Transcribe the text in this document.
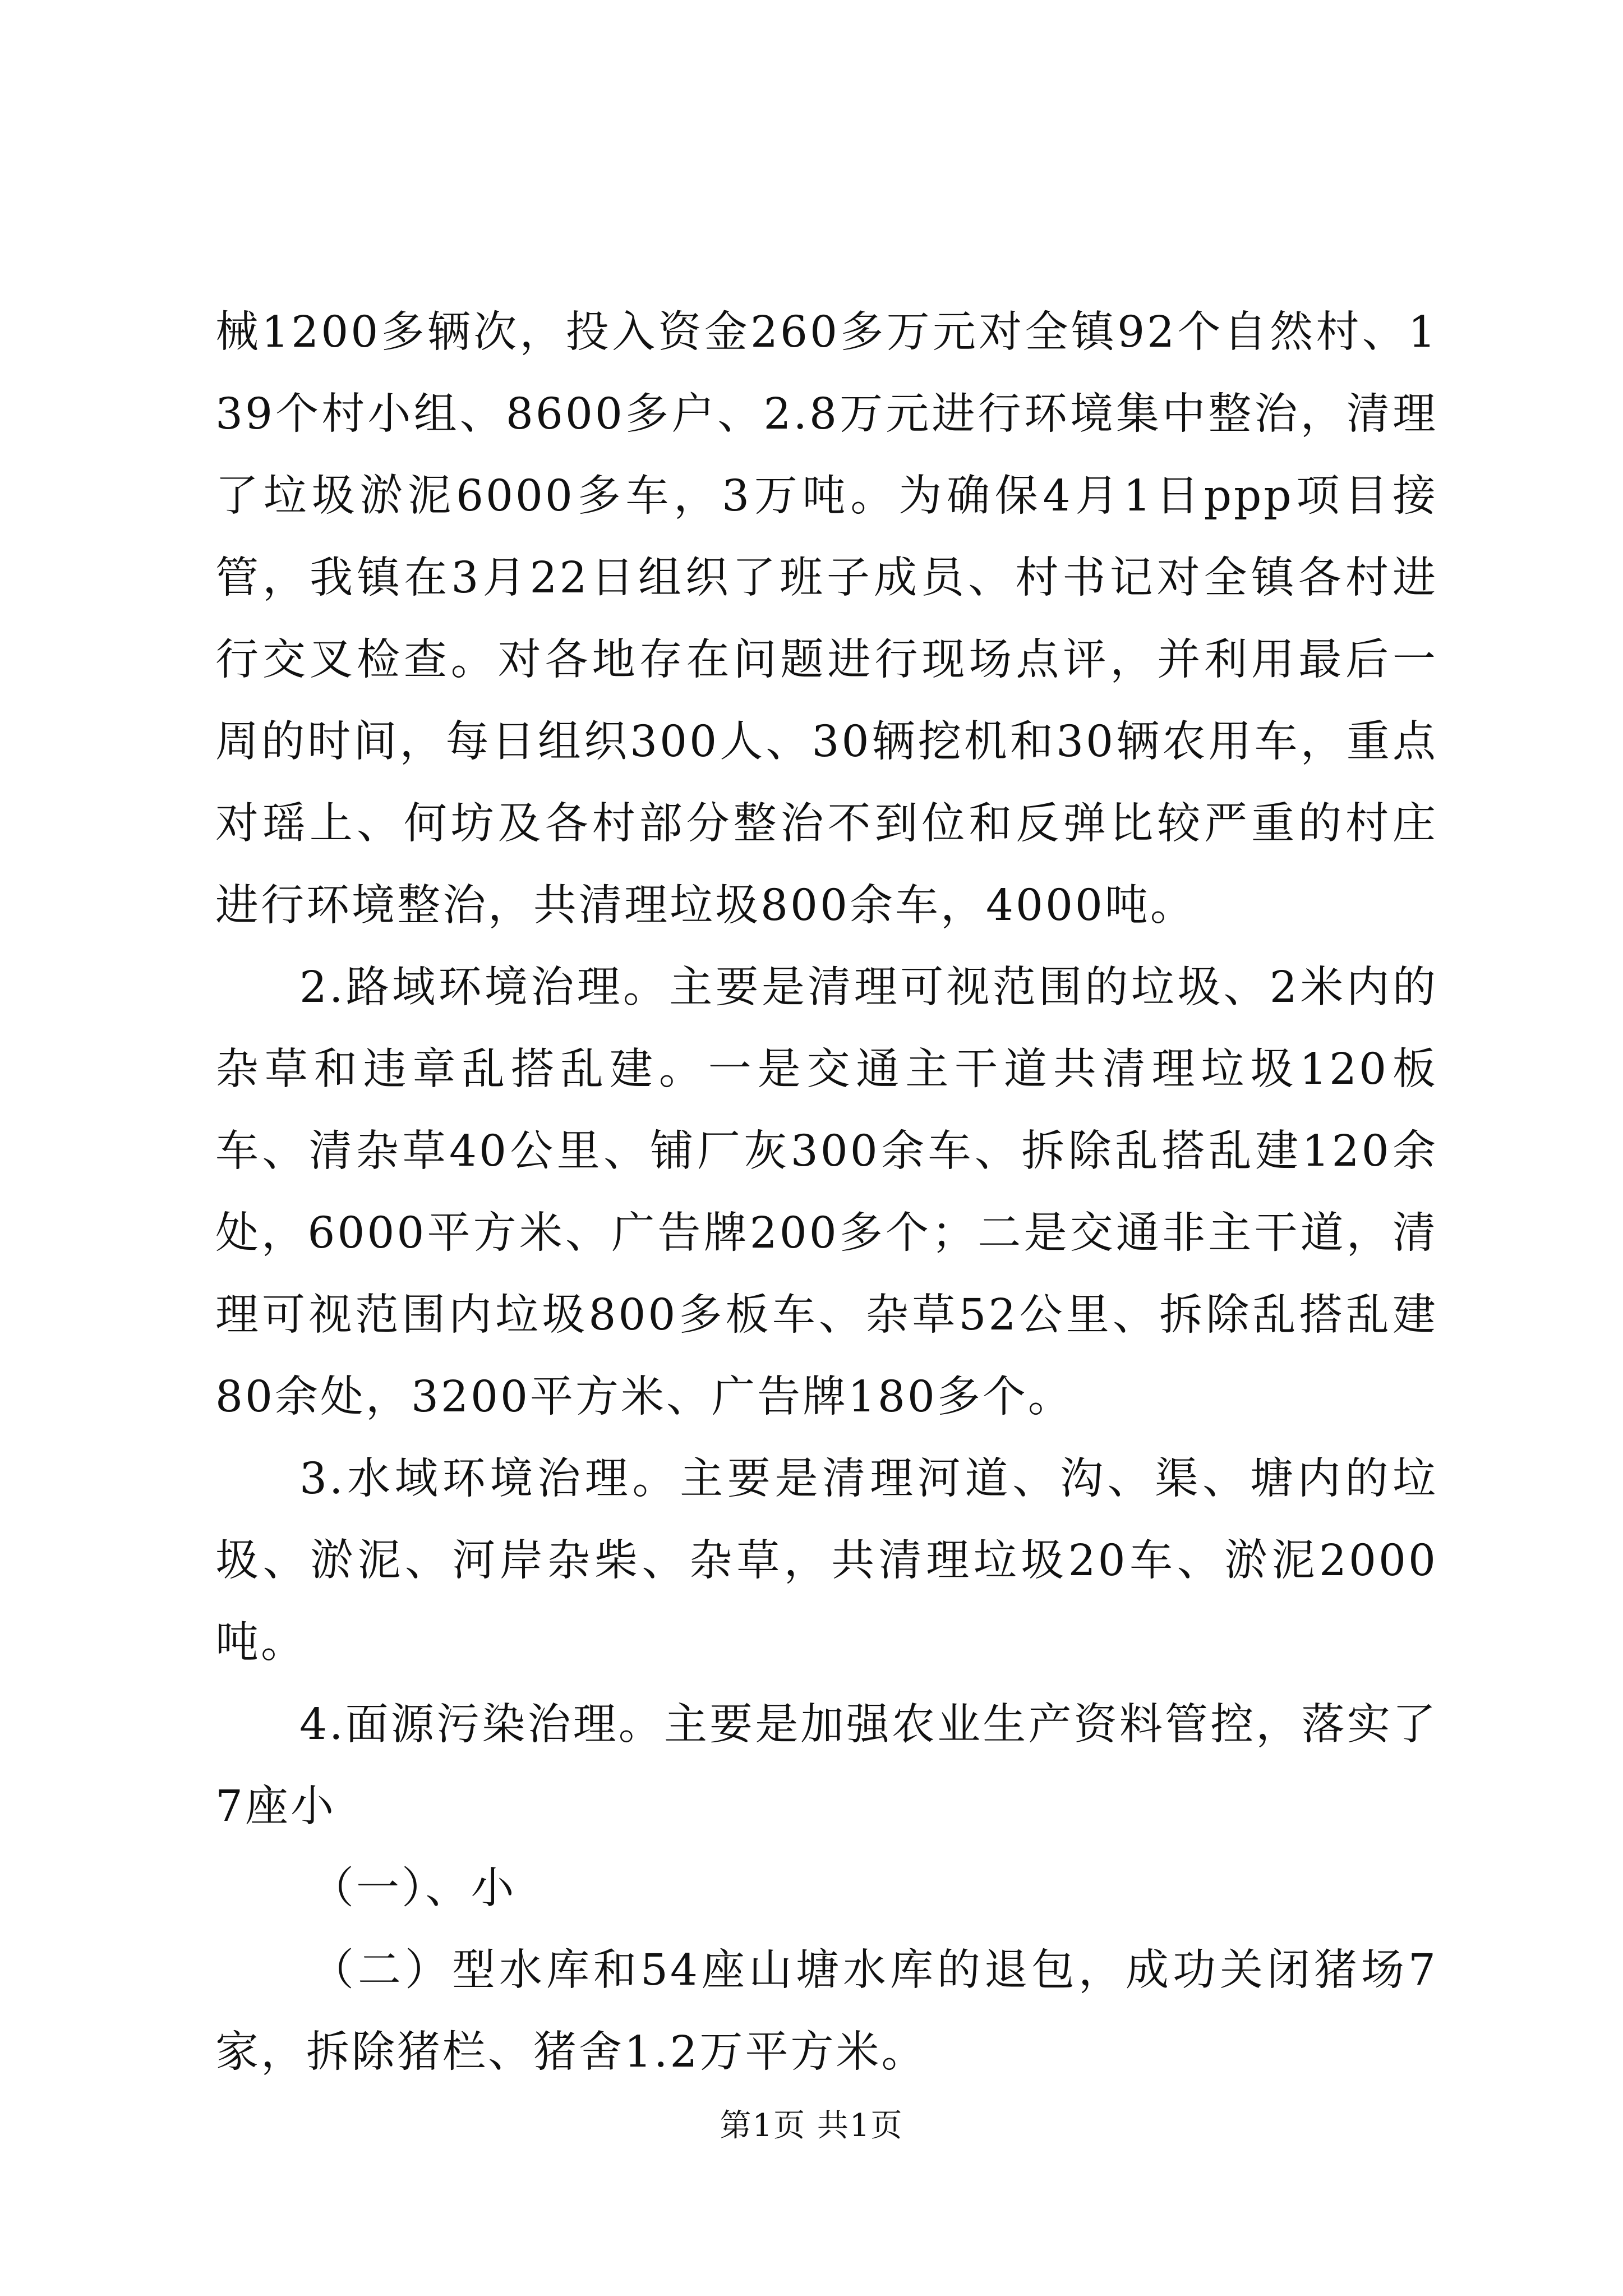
械1200多辆次，投入资金260多万元对全镇92个自然村、139个村小组、8600多户、2.8万元进行环境集中整治，清理了垃圾淤泥6000多车，3万吨。为确保4月1日ppp项目接管，我镇在3月22日组织了班子成员、村书记对全镇各村进行交叉检查。对各地存在问题进行现场点评，并利用最后一周的时间，每日组织300人、30辆挖机和30辆农用车，重点对瑶上、何坊及各村部分整治不到位和反弹比较严重的村庄进行环境整治，共清理垃圾800余车，4000吨。

2.路域环境治理。主要是清理可视范围的垃圾、2米内的杂草和违章乱搭乱建。一是交通主干道共清理垃圾120板车、清杂草40公里、铺厂灰300余车、拆除乱搭乱建120余处，6000平方米、广告牌200多个；二是交通非主干道，清理可视范围内垃圾800多板车、杂草52公里、拆除乱搭乱建80余处，3200平方米、广告牌180多个。

3.水域环境治理。主要是清理河道、沟、渠、塘内的垃圾、淤泥、河岸杂柴、杂草，共清理垃圾20车、淤泥2000吨。

4.面源污染治理。主要是加强农业生产资料管控，落实了7座小

（一）、小

（二）型水库和54座山塘水库的退包，成功关闭猪场7家，拆除猪栏、猪舍1.2万平方米。

第1页 共1页
